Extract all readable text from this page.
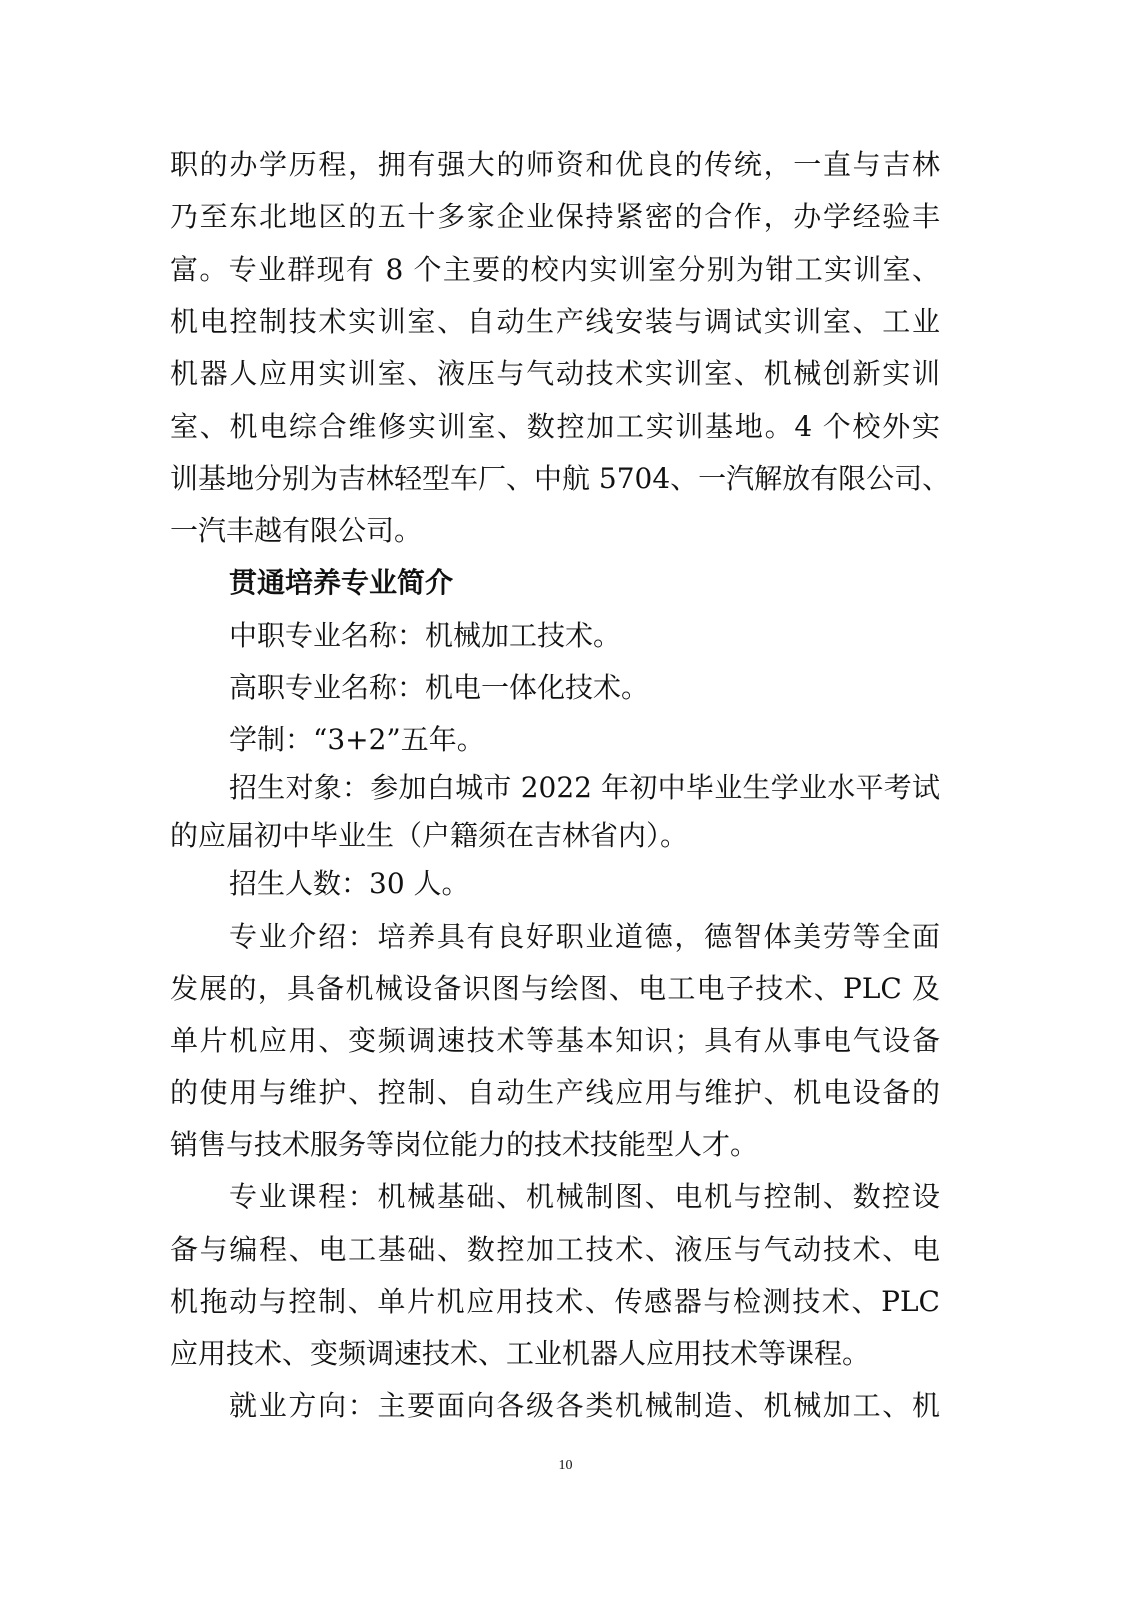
职的办学历程，拥有强大的师资和优良的传统，一直与吉林
乃至东北地区的五十多家企业保持紧密的合作，办学经验丰
富。专业群现有 8 个主要的校内实训室分别为钳工实训室、
机电控制技术实训室、自动生产线安装与调试实训室、工业
机器人应用实训室、液压与气动技术实训室、机械创新实训
室、机电综合维修实训室、数控加工实训基地。4 个校外实
训基地分别为吉林轻型车厂、中航 5704、一汽解放有限公司、
一汽丰越有限公司。
贯通培养专业简介
中职专业名称：机械加工技术。
高职专业名称：机电一体化技术。
学制：“3+2”五年。
招生对象：参加白城市 2022 年初中毕业生学业水平考试
的应届初中毕业生（户籍须在吉林省内）。
招生人数：30 人。
专业介绍：培养具有良好职业道德，德智体美劳等全面
发展的，具备机械设备识图与绘图、电工电子技术、PLC 及
单片机应用、变频调速技术等基本知识；具有从事电气设备
的使用与维护、控制、自动生产线应用与维护、机电设备的
销售与技术服务等岗位能力的技术技能型人才。
专业课程：机械基础、机械制图、电机与控制、数控设
备与编程、电工基础、数控加工技术、液压与气动技术、电
机拖动与控制、单片机应用技术、传感器与检测技术、PLC
应用技术、变频调速技术、工业机器人应用技术等课程。
就业方向：主要面向各级各类机械制造、机械加工、机
10
